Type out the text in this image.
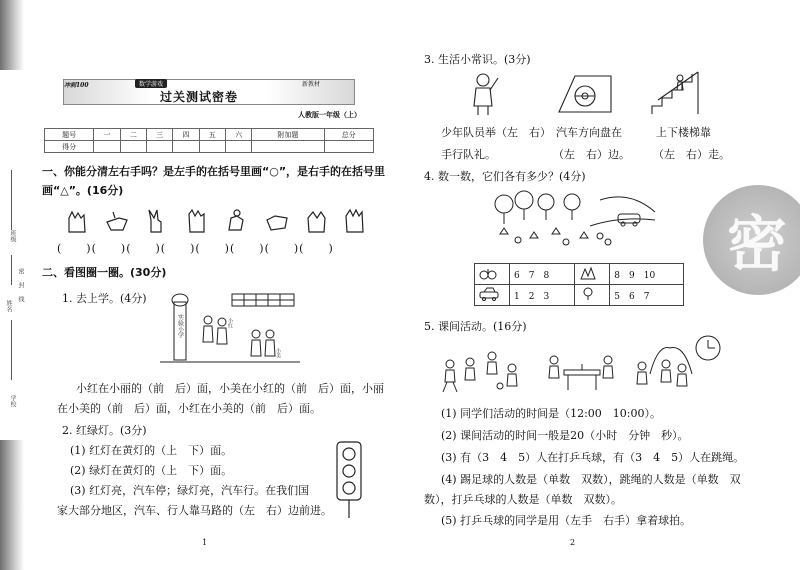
班级
密封线
姓名
学校
冲刺100	数学游戏	新教材
过关测试密卷
人教版一年级（上）
题号	一	二	三	四	五	六	附加题	总分
得分								
一、你能分清左右手吗？是左手的在括号里画“○”，是右手的在括号里
画“△”。(16分)
(　　)(　　)(　　)(　　)(　　)(　　)(　　)(　　)
二、看图圈一圈。(30分)
1. 去上学。(4分)
实验小学	小红
小美
小红在小丽的（前　后）面，小美在小红的（前　后）面，小丽
在小美的（前　后）面，小红在小美的（前　后）面。
2. 红绿灯。(3分)
(1) 红灯在黄灯的（上　下）面。
(2) 绿灯在黄灯的（上　下）面。
(3) 红灯亮，汽车停；绿灯亮，汽车行。在我们国
家大部分地区，汽车、行人靠马路的（左　右）边前进。
1
3. 生活小常识。(3分)
少年队员举（左　右）
手行队礼。
汽车方向盘在
（左　右）边。
上下楼梯靠
（左　右）走。
4. 数一数，它们各有多少？(4分)
	6　7　8		8　9　10
	1　2　3		5　6　7
5. 课间活动。(16分)
(1) 同学们活动的时间是（12:00　10:00）。
(2) 课间活动的时间一般是20（小时　分钟　秒）。
(3) 有（3　4　5）人在打乒乓球，有（3　4　5）人在跳绳。
(4) 踢足球的人数是（单数　双数），跳绳的人数是（单数　双
数），打乒乓球的人数是（单数　双数）。
(5) 打乒乓球的同学是用（左手　右手）拿着球拍。
2
密
